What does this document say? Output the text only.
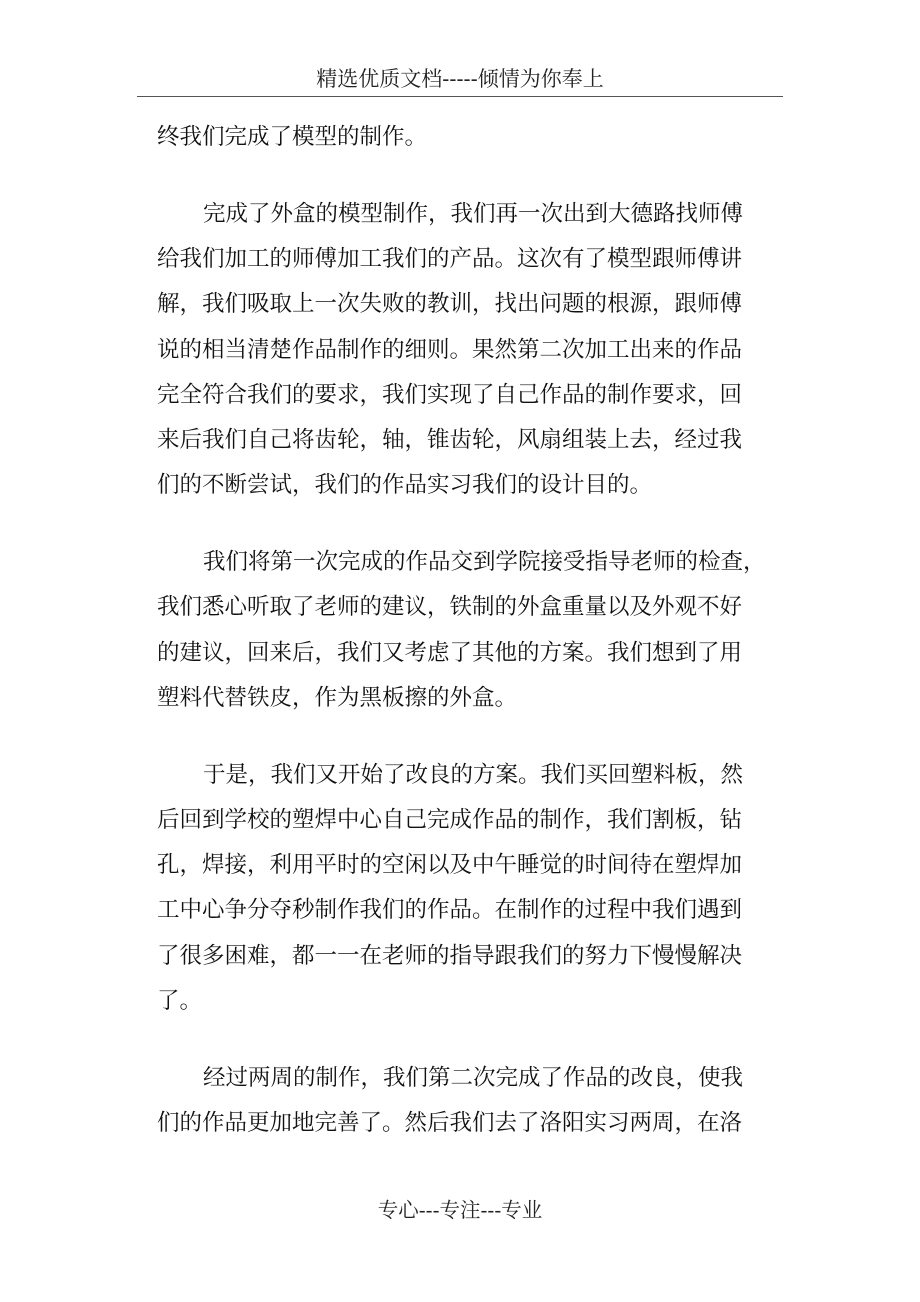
精选优质文档-----倾情为你奉上
终我们完成了模型的制作。
完成了外盒的模型制作，我们再一次出到大德路找师傅
给我们加工的师傅加工我们的产品。这次有了模型跟师傅讲
解，我们吸取上一次失败的教训，找出问题的根源，跟师傅
说的相当清楚作品制作的细则。果然第二次加工出来的作品
完全符合我们的要求，我们实现了自己作品的制作要求，回
来后我们自己将齿轮，轴，锥齿轮，风扇组装上去，经过我
们的不断尝试，我们的作品实习我们的设计目的。
我们将第一次完成的作品交到学院接受指导老师的检查，
我们悉心听取了老师的建议，铁制的外盒重量以及外观不好
的建议，回来后，我们又考虑了其他的方案。我们想到了用
塑料代替铁皮，作为黑板擦的外盒。
于是，我们又开始了改良的方案。我们买回塑料板，然
后回到学校的塑焊中心自己完成作品的制作，我们割板，钻
孔，焊接，利用平时的空闲以及中午睡觉的时间待在塑焊加
工中心争分夺秒制作我们的作品。在制作的过程中我们遇到
了很多困难，都一一在老师的指导跟我们的努力下慢慢解决
了。
经过两周的制作，我们第二次完成了作品的改良，使我
们的作品更加地完善了。然后我们去了洛阳实习两周，在洛
专心---专注---专业
